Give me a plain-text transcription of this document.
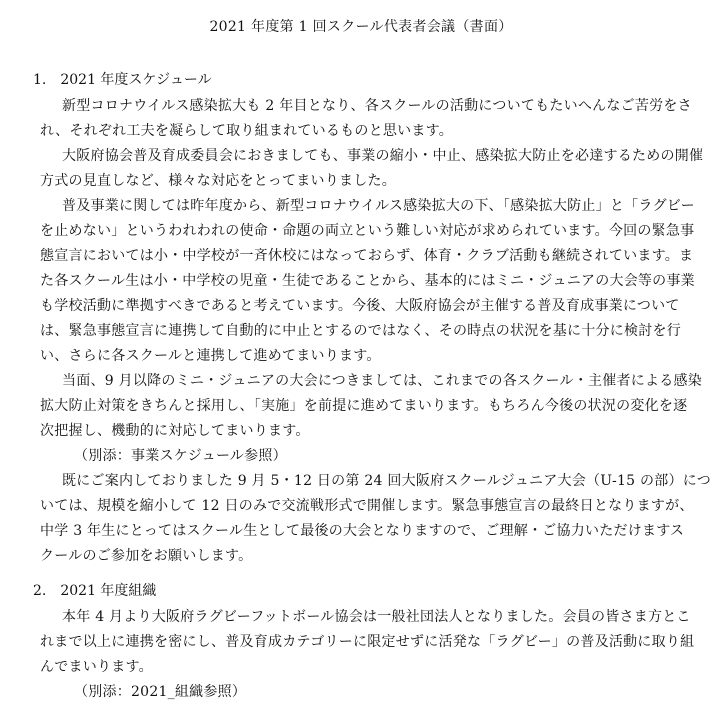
2021 年度第 1 回スクール代表者会議（書面）
1.　2021 年度スケジュール
新型コロナウイルス感染拡大も 2 年目となり、各スクールの活動についてもたいへんなご苦労をさ
れ、それぞれ工夫を凝らして取り組まれているものと思います。
大阪府協会普及育成委員会におきましても、事業の縮小・中止、感染拡大防止を必達するための開催
方式の見直しなど、様々な対応をとってまいりました。
普及事業に関しては昨年度から、新型コロナウイルス感染拡大の下、「感染拡大防止」と「ラグビー
を止めない」というわれわれの使命・命題の両立という難しい対応が求められています。今回の緊急事
態宣言においては小・中学校が一斉休校にはなっておらず、体育・クラブ活動も継続されています。ま
た各スクール生は小・中学校の児童・生徒であることから、基本的にはミニ・ジュニアの大会等の事業
も学校活動に準拠すべきであると考えています。今後、大阪府協会が主催する普及育成事業について
は、緊急事態宣言に連携して自動的に中止とするのではなく、その時点の状況を基に十分に検討を行
い、さらに各スクールと連携して進めてまいります。
当面、9 月以降のミニ・ジュニアの大会につきましては、これまでの各スクール・主催者による感染
拡大防止対策をきちんと採用し、「実施」を前提に進めてまいります。もちろん今後の状況の変化を逐
次把握し、機動的に対応してまいります。
（別添：事業スケジュール参照）
既にご案内しておりました 9 月 5・12 日の第 24 回大阪府スクールジュニア大会（U-15 の部）につ
いては、規模を縮小して 12 日のみで交流戦形式で開催します。緊急事態宣言の最終日となりますが、
中学 3 年生にとってはスクール生として最後の大会となりますので、ご理解・ご協力いただけますス
クールのご参加をお願いします。
2.　2021 年度組織
本年 4 月より大阪府ラグビーフットボール協会は一般社団法人となりました。会員の皆さま方とこ
れまで以上に連携を密にし、普及育成カテゴリーに限定せずに活発な「ラグビー」の普及活動に取り組
んでまいります。
（別添：2021_組織参照）
